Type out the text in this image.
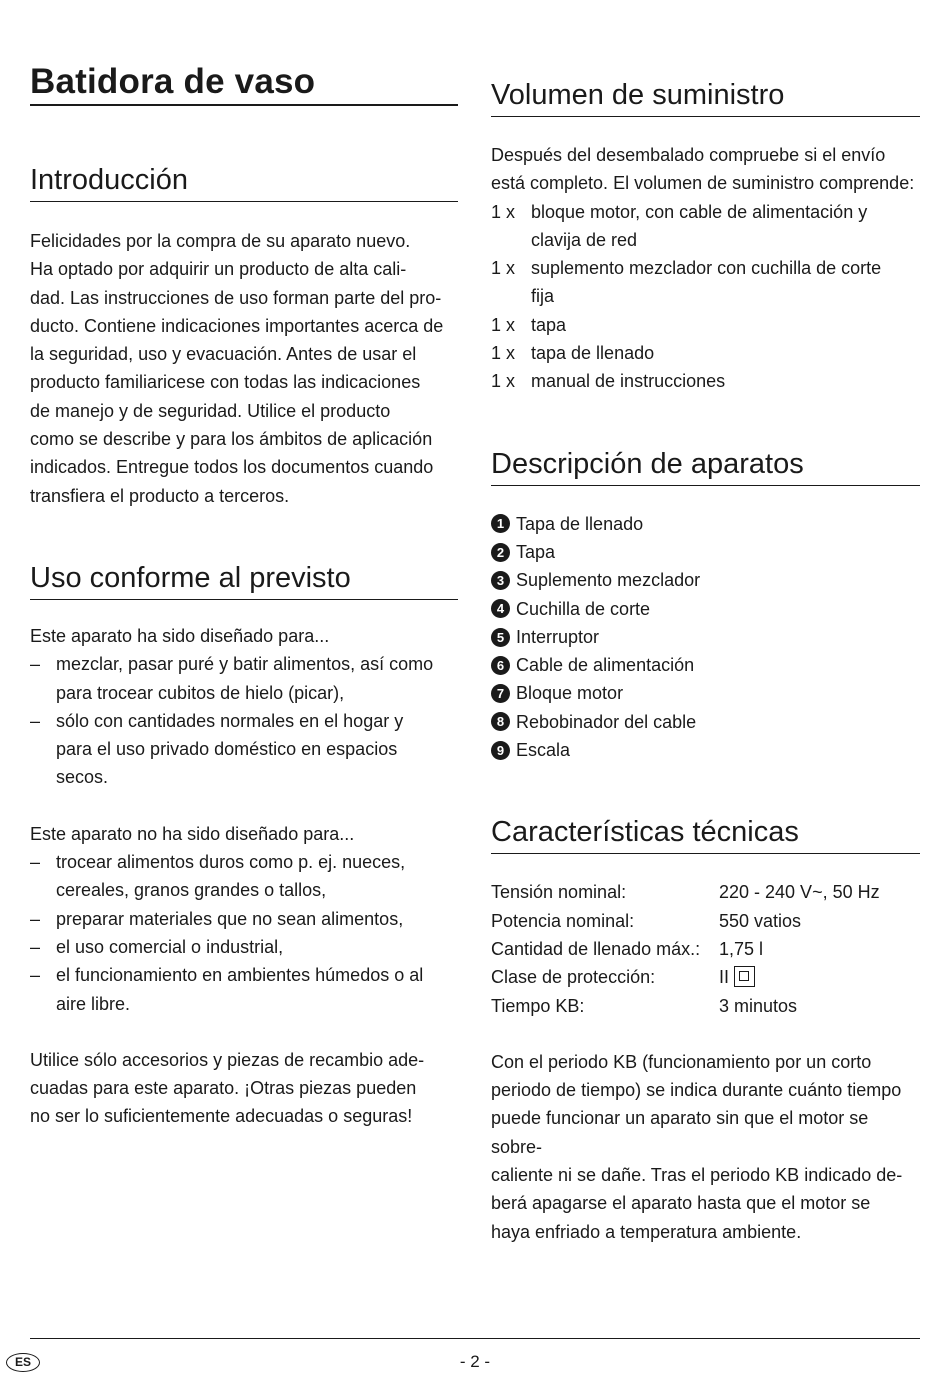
Batidora de vaso
Introducción
Felicidades por la compra de su aparato nuevo.
Ha optado por adquirir un producto de alta cali-
dad. Las instrucciones de uso forman parte del pro-
ducto. Contiene indicaciones importantes acerca de
la seguridad, uso y evacuación. Antes de usar el
producto familiaricese con todas las indicaciones
de manejo y de seguridad. Utilice el producto
como se describe y para los ámbitos de aplicación
indicados. Entregue todos los documentos cuando
transfiera el producto a terceros.
Uso conforme al previsto
Este aparato ha sido diseñado para...
– mezclar, pasar puré y batir alimentos, así como
para trocear cubitos de hielo (picar),
– sólo con cantidades normales en el hogar y
para el uso privado doméstico en espacios
secos.
Este aparato no ha sido diseñado para...
– trocear alimentos duros como p. ej. nueces,
cereales, granos grandes o tallos,
– preparar materiales que no sean alimentos,
– el uso comercial o industrial,
– el funcionamiento en ambientes húmedos o al
aire libre.
Utilice sólo accesorios y piezas de recambio ade-
cuadas para este aparato. ¡Otras piezas pueden
no ser lo suficientemente adecuadas o seguras!
Volumen de suministro
Después del desembalado compruebe si el envío
está completo. El volumen de suministro comprende:
1 x bloque motor, con cable de alimentación y
clavija de red
1 x suplemento mezclador con cuchilla de corte
fija
1 x tapa
1 x tapa de llenado
1 x manual de instrucciones
Descripción de aparatos
1 Tapa de llenado
2 Tapa
3 Suplemento mezclador
4 Cuchilla de corte
5 Interruptor
6 Cable de alimentación
7 Bloque motor
8 Rebobinador del cable
9 Escala
Características técnicas
Tensión nominal:	220 - 240 V~, 50 Hz
Potencia nominal:	550 vatios
Cantidad de llenado máx.:	1,75 l
Clase de protección:	II
Tiempo KB:	3 minutos
Con el periodo KB (funcionamiento por un corto
periodo de tiempo) se indica durante cuánto tiempo
puede funcionar un aparato sin que el motor se sobre-
caliente ni se dañe. Tras el periodo KB indicado de-
berá apagarse el aparato hasta que el motor se
haya enfriado a temperatura ambiente.
ES	- 2 -
